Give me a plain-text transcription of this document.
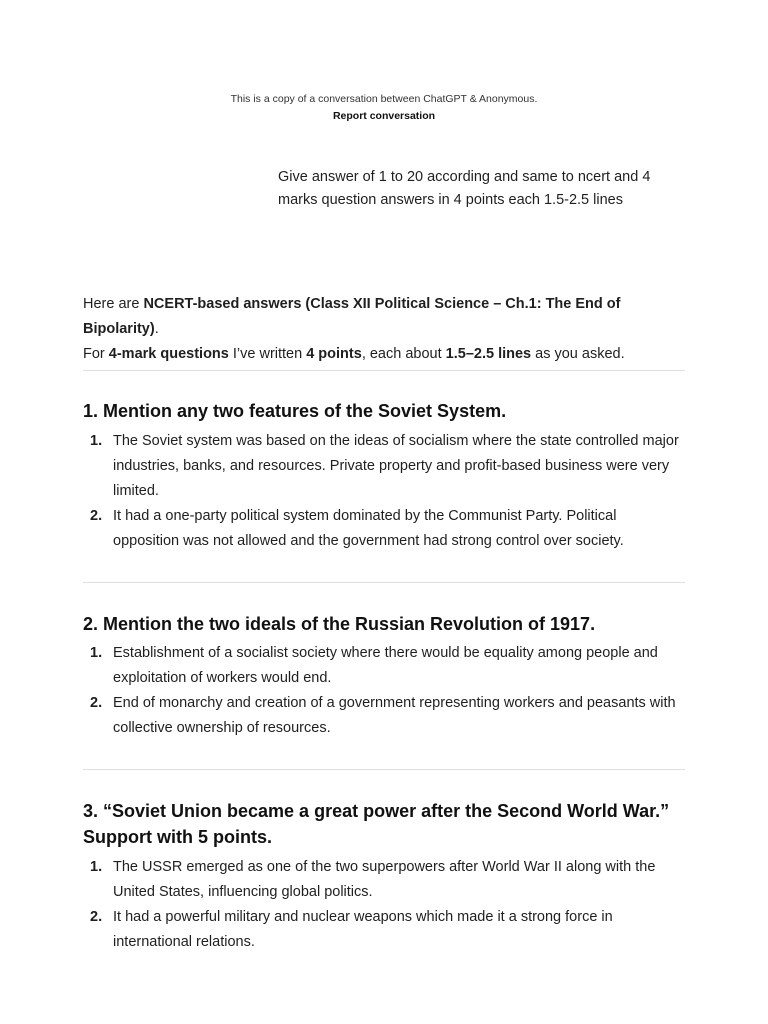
This is a copy of a conversation between ChatGPT & Anonymous.
Report conversation
Give answer of 1 to 20 according and same to ncert and 4 marks question answers in 4 points each 1.5-2.5 lines
Here are NCERT-based answers (Class XII Political Science – Ch.1: The End of Bipolarity).
For 4-mark questions I’ve written 4 points, each about 1.5–2.5 lines as you asked.
1. Mention any two features of the Soviet System.
1. The Soviet system was based on the ideas of socialism where the state controlled major industries, banks, and resources. Private property and profit-based business were very limited.
2. It had a one-party political system dominated by the Communist Party. Political opposition was not allowed and the government had strong control over society.
2. Mention the two ideals of the Russian Revolution of 1917.
1. Establishment of a socialist society where there would be equality among people and exploitation of workers would end.
2. End of monarchy and creation of a government representing workers and peasants with collective ownership of resources.
3. “Soviet Union became a great power after the Second World War.” Support with 5 points.
1. The USSR emerged as one of the two superpowers after World War II along with the United States, influencing global politics.
2. It had a powerful military and nuclear weapons which made it a strong force in international relations.
